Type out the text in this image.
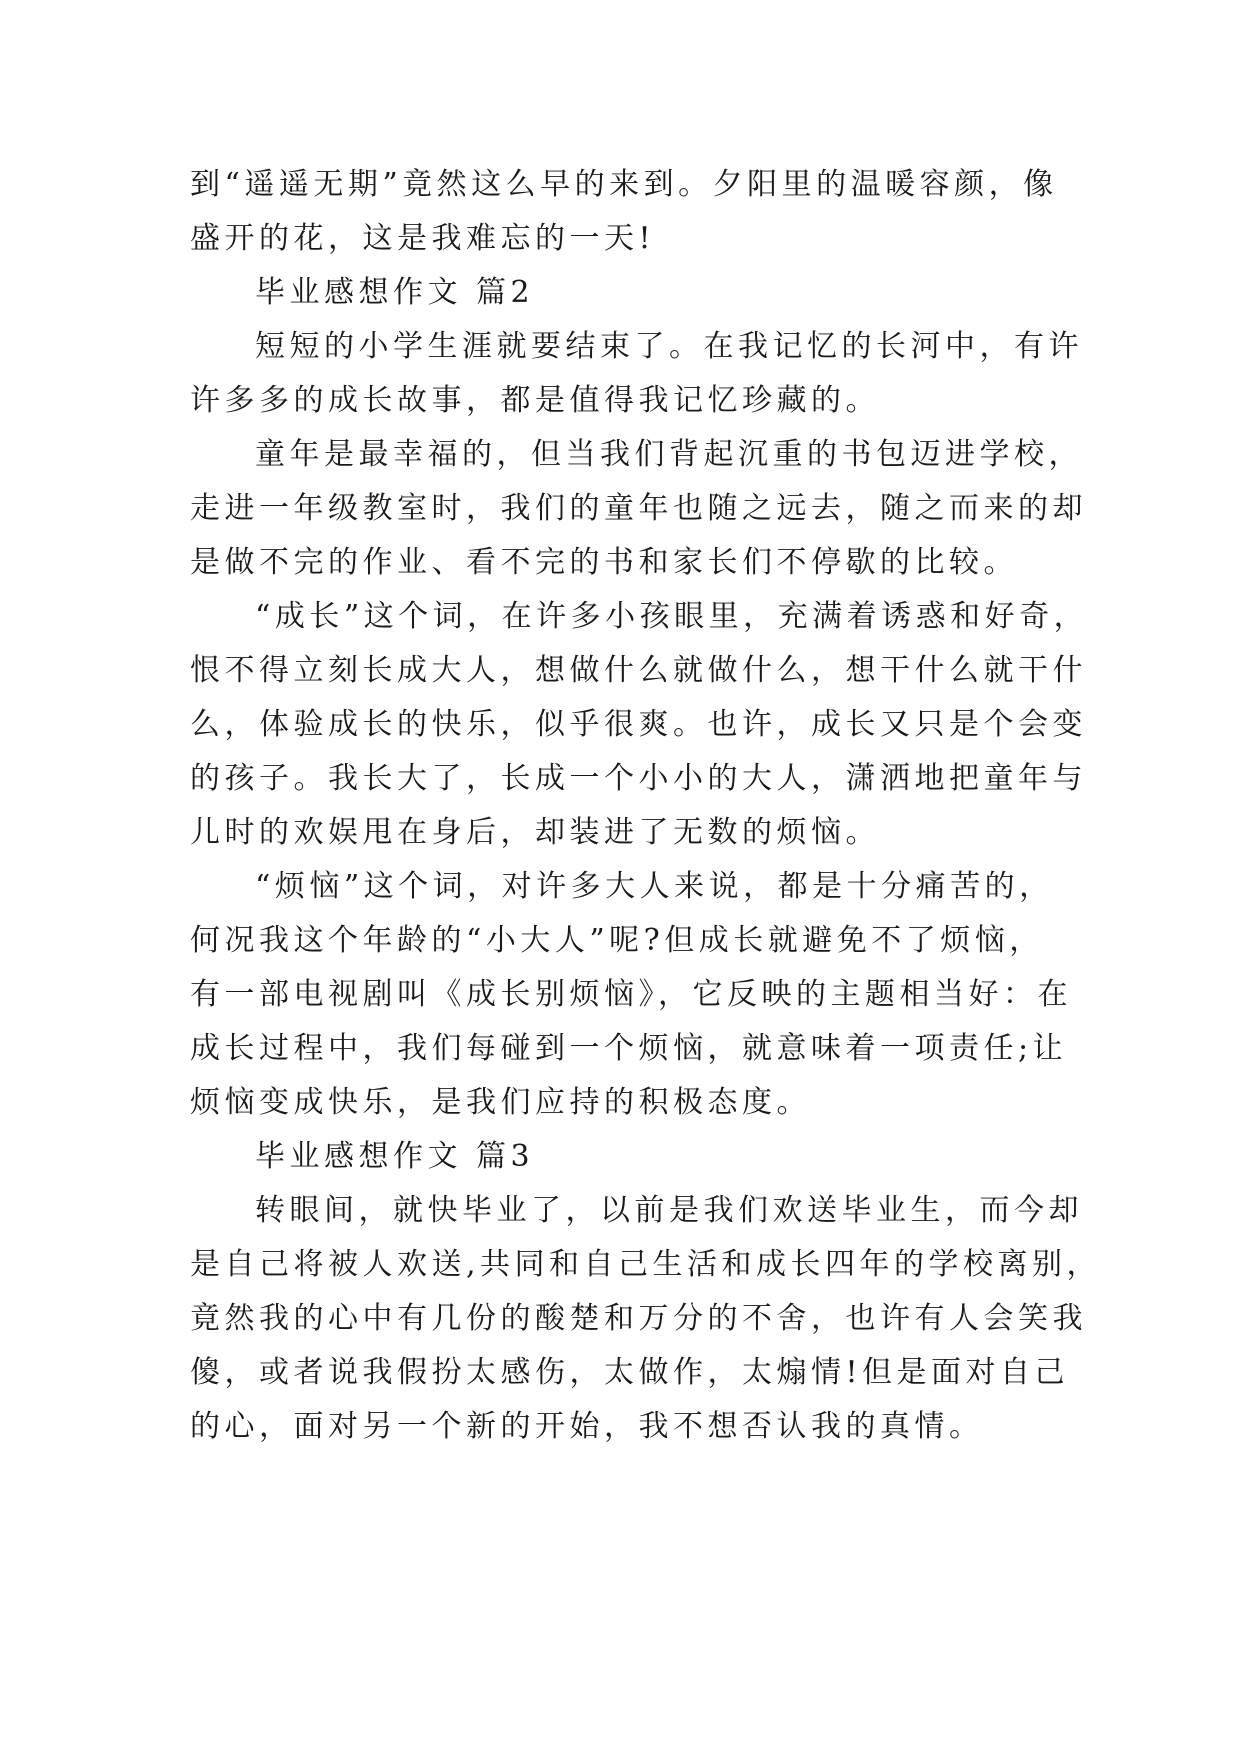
到“遥遥无期”竟然这么早的来到。夕阳里的温暖容颜，像
盛开的花，这是我难忘的一天!

毕业感想作文 篇2

短短的小学生涯就要结束了。在我记忆的长河中，有许
许多多的成长故事，都是值得我记忆珍藏的。

童年是最幸福的，但当我们背起沉重的书包迈进学校，
走进一年级教室时，我们的童年也随之远去，随之而来的却
是做不完的作业、看不完的书和家长们不停歇的比较。

“成长”这个词，在许多小孩眼里，充满着诱惑和好奇，
恨不得立刻长成大人，想做什么就做什么，想干什么就干什
么，体验成长的快乐，似乎很爽。也许，成长又只是个会变
的孩子。我长大了，长成一个小小的大人，潇洒地把童年与
儿时的欢娱甩在身后，却装进了无数的烦恼。

“烦恼”这个词，对许多大人来说，都是十分痛苦的，
何况我这个年龄的“小大人”呢?但成长就避免不了烦恼，
有一部电视剧叫《成长别烦恼》，它反映的主题相当好：在
成长过程中，我们每碰到一个烦恼，就意味着一项责任;让
烦恼变成快乐，是我们应持的积极态度。

毕业感想作文 篇3

转眼间，就快毕业了，以前是我们欢送毕业生，而今却
是自己将被人欢送,共同和自己生活和成长四年的学校离别，
竟然我的心中有几份的酸楚和万分的不舍，也许有人会笑我
傻，或者说我假扮太感伤，太做作，太煽情!但是面对自己
的心，面对另一个新的开始，我不想否认我的真情。
